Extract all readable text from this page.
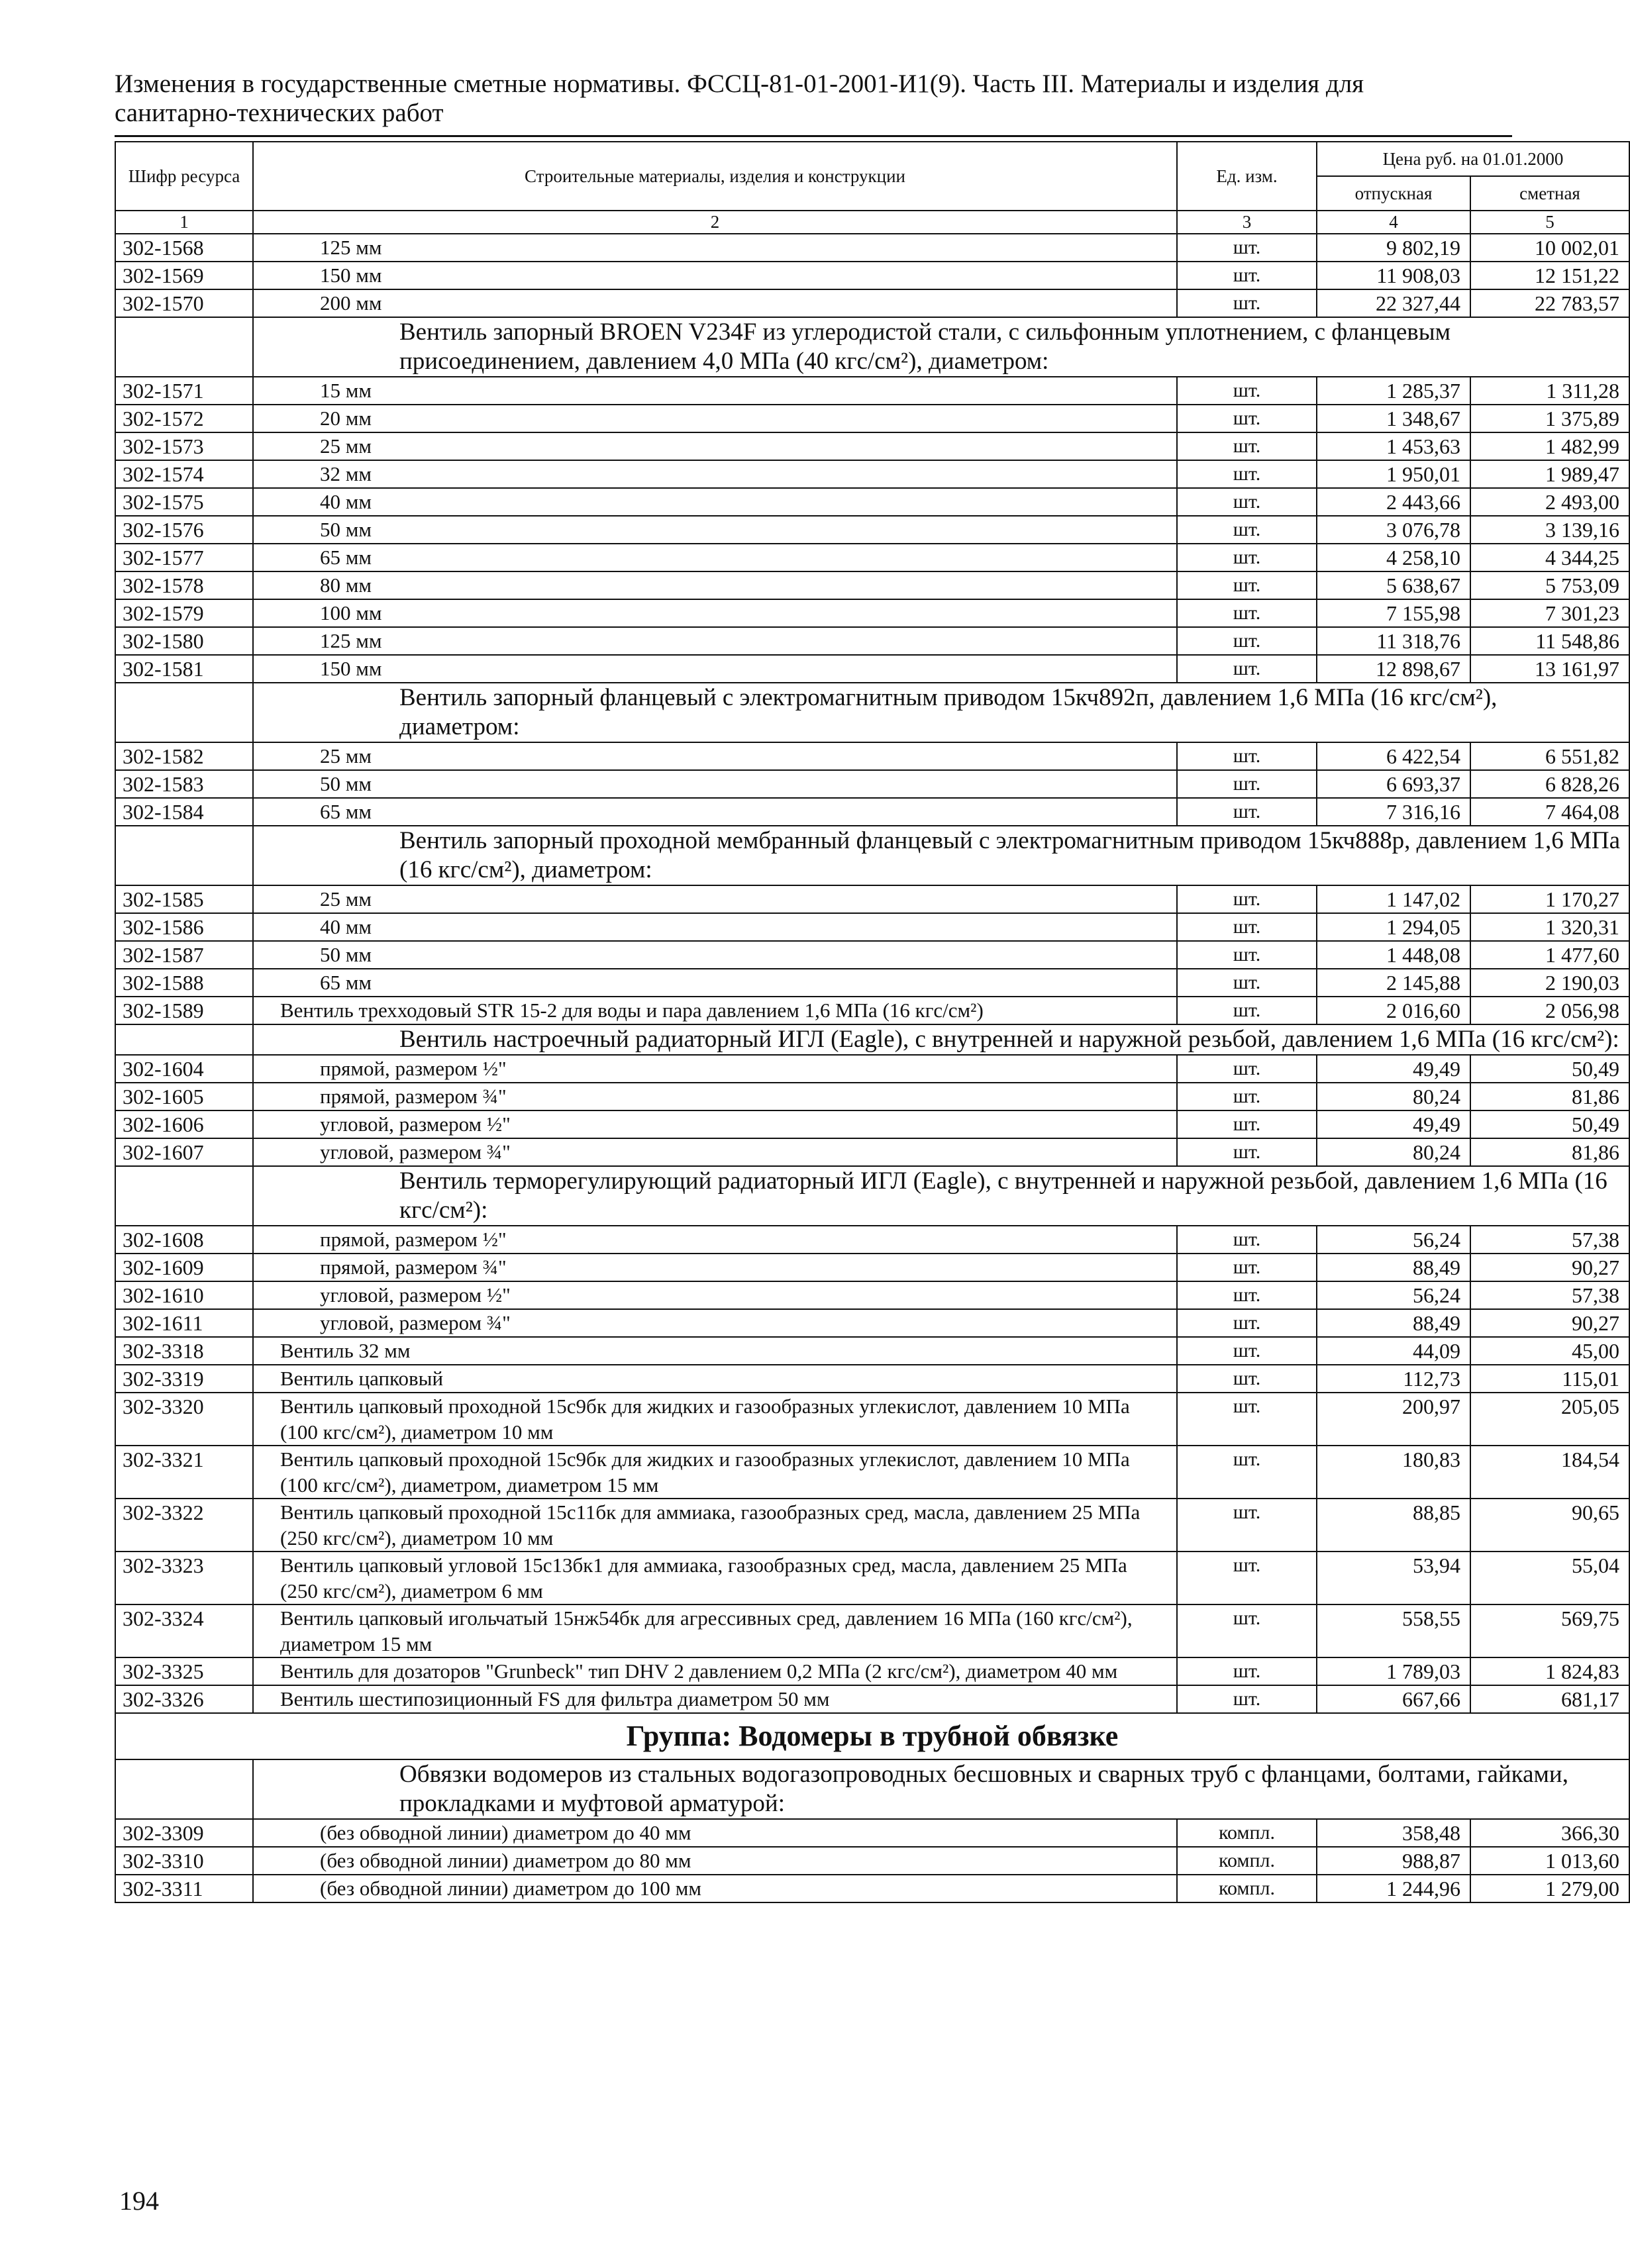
Изменения в государственные сметные нормативы. ФССЦ-81-01-2001-И1(9). Часть III. Материалы и изделия для
санитарно-технических работ
Шифр ресурса	Строительные материалы, изделия и конструкции	Ед. изм.	Цена руб. на 01.01.2000	
			отпускная	сметная
1	2	3	4	5
302-1568	125 мм	шт.	9 802,19	10 002,01
302-1569	150 мм	шт.	11 908,03	12 151,22
302-1570	200 мм	шт.	22 327,44	22 783,57
	Вентиль запорный BROEN V234F из углеродистой стали, с сильфонным уплотнением, с фланцевым присоединением, давлением 4,0 МПа (40 кгс/см²), диаметром:			
302-1571	15 мм	шт.	1 285,37	1 311,28
302-1572	20 мм	шт.	1 348,67	1 375,89
302-1573	25 мм	шт.	1 453,63	1 482,99
302-1574	32 мм	шт.	1 950,01	1 989,47
302-1575	40 мм	шт.	2 443,66	2 493,00
302-1576	50 мм	шт.	3 076,78	3 139,16
302-1577	65 мм	шт.	4 258,10	4 344,25
302-1578	80 мм	шт.	5 638,67	5 753,09
302-1579	100 мм	шт.	7 155,98	7 301,23
302-1580	125 мм	шт.	11 318,76	11 548,86
302-1581	150 мм	шт.	12 898,67	13 161,97
	Вентиль запорный фланцевый с электромагнитным приводом 15кч892п, давлением 1,6 МПа (16 кгс/см²), диаметром:			
302-1582	25 мм	шт.	6 422,54	6 551,82
302-1583	50 мм	шт.	6 693,37	6 828,26
302-1584	65 мм	шт.	7 316,16	7 464,08
	Вентиль запорный проходной мембранный фланцевый с электромагнитным приводом 15кч888р, давлением 1,6 МПа (16 кгс/см²), диаметром:			
302-1585	25 мм	шт.	1 147,02	1 170,27
302-1586	40 мм	шт.	1 294,05	1 320,31
302-1587	50 мм	шт.	1 448,08	1 477,60
302-1588	65 мм	шт.	2 145,88	2 190,03
302-1589	Вентиль трехходовый STR 15-2 для воды и пара давлением 1,6 МПа (16 кгс/см²)	шт.	2 016,60	2 056,98
	Вентиль настроечный радиаторный ИГЛ (Eagle), с внутренней и наружной резьбой, давлением 1,6 МПа (16 кгс/см²):			
302-1604	прямой, размером ½"	шт.	49,49	50,49
302-1605	прямой, размером ¾"	шт.	80,24	81,86
302-1606	угловой, размером ½"	шт.	49,49	50,49
302-1607	угловой, размером ¾"	шт.	80,24	81,86
	Вентиль терморегулирующий радиаторный ИГЛ (Eagle), с внутренней и наружной резьбой, давлением 1,6 МПа (16 кгс/см²):			
302-1608	прямой, размером ½"	шт.	56,24	57,38
302-1609	прямой, размером ¾"	шт.	88,49	90,27
302-1610	угловой, размером ½"	шт.	56,24	57,38
302-1611	угловой, размером ¾"	шт.	88,49	90,27
302-3318	Вентиль 32 мм	шт.	44,09	45,00
302-3319	Вентиль цапковый	шт.	112,73	115,01
302-3320	Вентиль цапковый проходной 15с9бк для жидких и газообразных углекислот, давлением 10 МПа (100 кгс/см²), диаметром 10 мм	шт.	200,97	205,05
302-3321	Вентиль цапковый проходной 15с9бк для жидких и газообразных углекислот, давлением 10 МПа (100 кгс/см²), диаметром, диаметром 15 мм	шт.	180,83	184,54
302-3322	Вентиль цапковый проходной 15с11бк для аммиака, газообразных сред, масла, давлением 25 МПа (250 кгс/см²), диаметром 10 мм	шт.	88,85	90,65
302-3323	Вентиль цапковый угловой 15с13бк1 для аммиака, газообразных сред, масла, давлением 25 МПа (250 кгс/см²), диаметром 6 мм	шт.	53,94	55,04
302-3324	Вентиль цапковый игольчатый 15нж54бк для агрессивных сред, давлением 16 МПа (160 кгс/см²), диаметром 15 мм	шт.	558,55	569,75
302-3325	Вентиль для дозаторов "Grunbeck" тип DHV 2 давлением 0,2 МПа (2 кгс/см²), диаметром 40 мм	шт.	1 789,03	1 824,83
302-3326	Вентиль шестипозиционный FS для фильтра диаметром 50 мм	шт.	667,66	681,17
Группа: Водомеры в трубной обвязке				
	Обвязки водомеров из стальных водогазопроводных бесшовных и сварных труб с фланцами, болтами, гайками, прокладками и муфтовой арматурой:			
302-3309	(без обводной линии) диаметром до 40 мм	компл.	358,48	366,30
302-3310	(без обводной линии) диаметром до 80 мм	компл.	988,87	1 013,60
302-3311	(без обводной линии) диаметром до 100 мм	компл.	1 244,96	1 279,00
194
